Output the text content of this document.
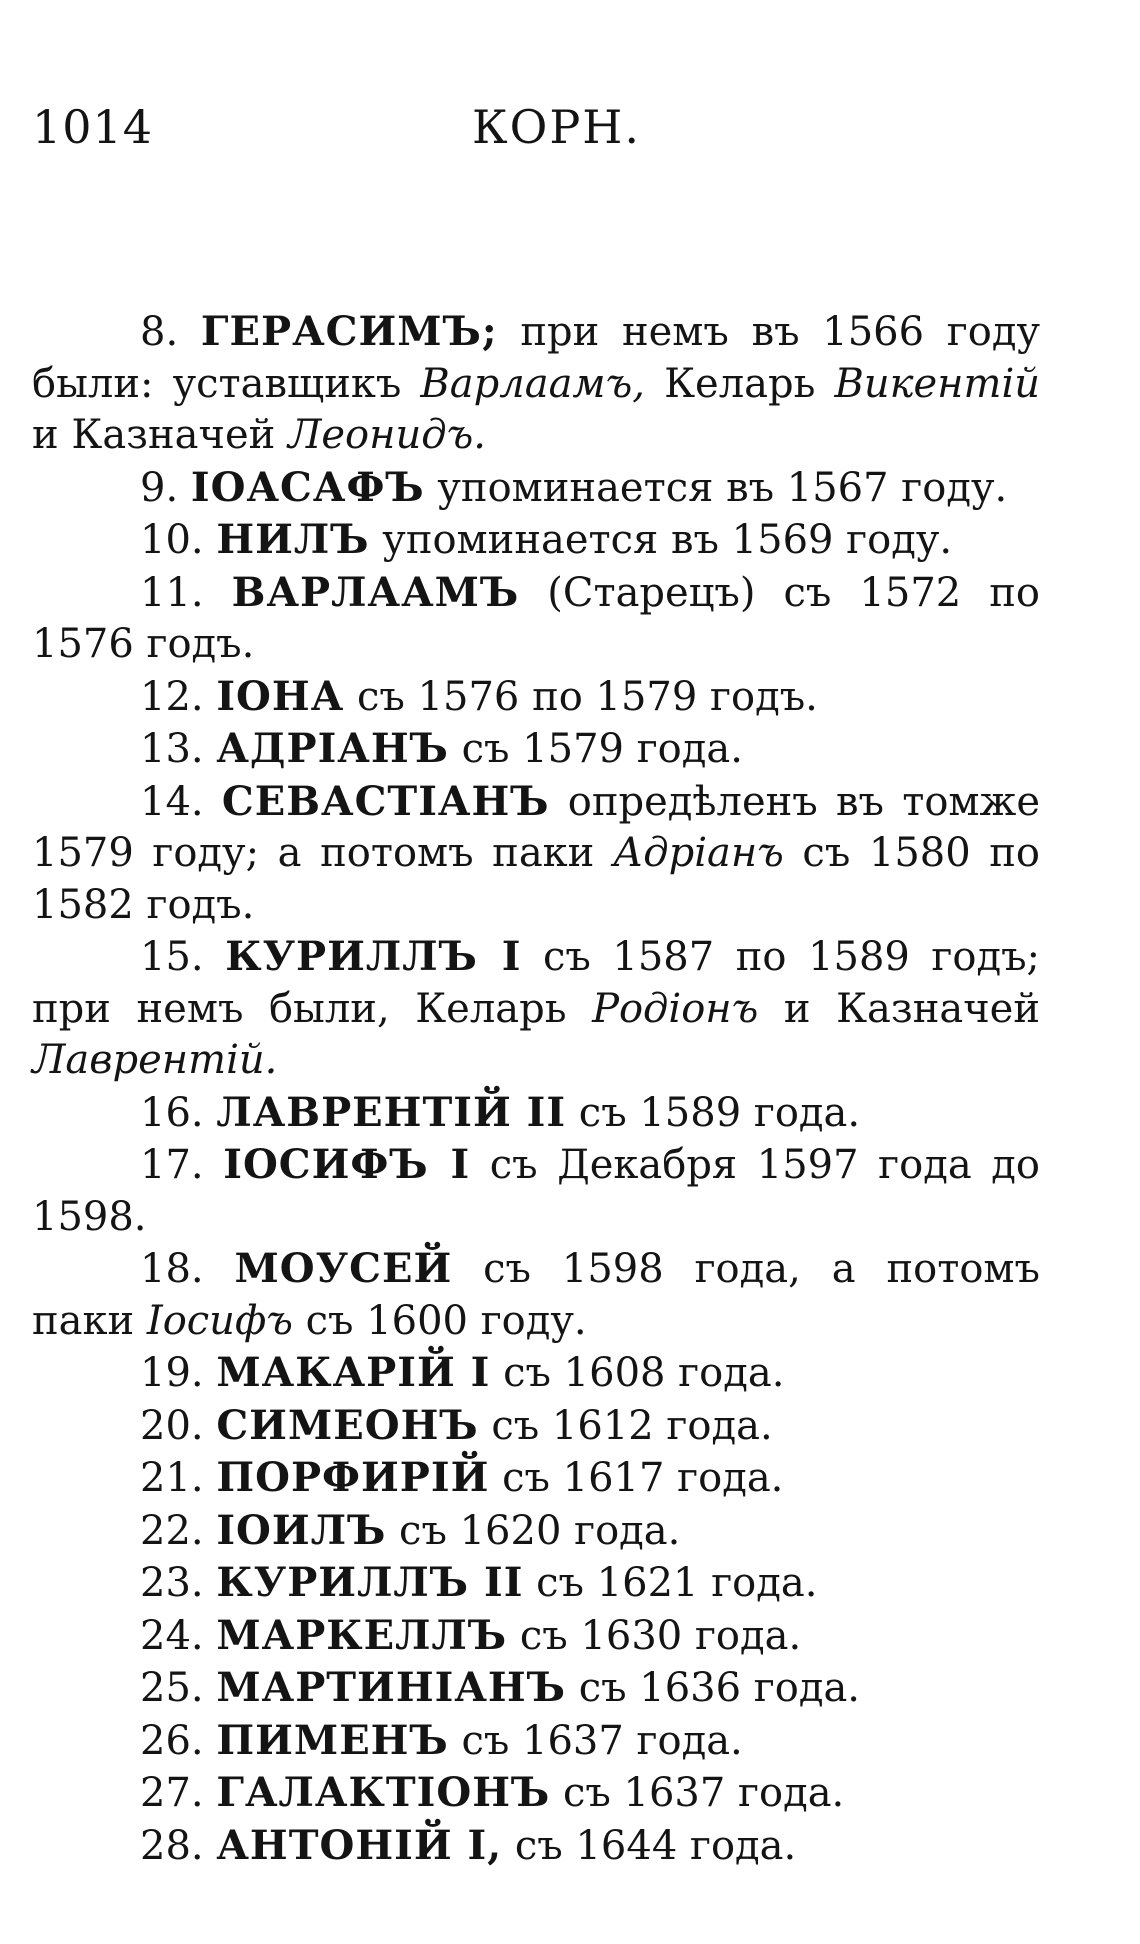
1014	КОРН.

8. ГЕРАСИМЪ; при немъ въ 1566 году были: уставщикъ Варлаамъ, Келарь Викентiй и Казначей Леонидъ.

9. IОАСАФЪ упоминается въ 1567 году.

10. НИЛЪ упоминается въ 1569 году.

11. ВАРЛААМЪ (Старецъ) съ 1572 по 1576 годъ.

12. IОНА съ 1576 по 1579 годъ.

13. АДРIАНЪ съ 1579 года.

14. СЕВАСТIАНЪ опредѣленъ въ томже 1579 году; а потомъ паки Адрiанъ съ 1580 по 1582 годъ.

15. КУРИЛЛЪ I съ 1587 по 1589 годъ; при немъ были, Келарь Родiонъ и Казначей Лаврентiй.

16. ЛАВРЕНТIЙ II съ 1589 года.

17. IОСИФЪ I съ Декабря 1597 года до 1598.

18. МОУСЕЙ съ 1598 года, а потомъ паки Iосифъ съ 1600 году.

19. МАКАРIЙ I съ 1608 года.

20. СИМЕОНЪ съ 1612 года.

21. ПОРФИРIЙ съ 1617 года.

22. IОИЛЪ съ 1620 года.

23. КУРИЛЛЪ II съ 1621 года.

24. МАРКЕЛЛЪ съ 1630 года.

25. МАРТИНIАНЪ съ 1636 года.

26. ПИМЕНЪ съ 1637 года.

27. ГАЛАКТIОНЪ съ 1637 года.

28. АНТОНIЙ I, съ 1644 года.
